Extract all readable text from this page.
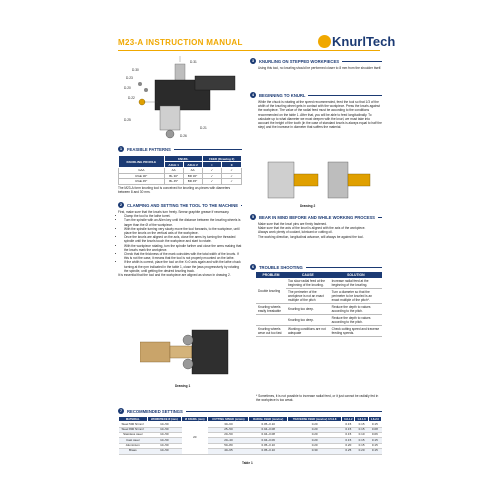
M23-A INSTRUCTION MANUAL	KnurlTech
D.31
D.30
D.23
D.20
D.22
D.25
D.26
D.21
1	FEASIBLE PATTERNS
KNURLING PROFILE	KNURL		FEED (Drawing 2)	
	AXLE 1	AXLE 2	I	II
GAA	AA	AA	✓	✓
RGE 30°	BL 30°	BR 30°	✓	✓
RGE 45°	BL 45°	BR 45°	✓	✓

The M23-A form knurling tool is conceived for knurling on-pieces with diameters between 8 and 30 mm.

2	CLAMPING AND SETTING THE TOOL TO THE MACHINE

First, make sure that the knurls turn freely. Smear graphite grease if necessary.

• Clamp the tool to the lathe turret.
• Turn the spindle with an Allen key until the distance between the knurling wheels is larger than the Ø of the workpiece.
• With the spindle turning very slowly move the tool forwards, to the workpiece, until place the knurls on the vertical axis of the workpiece.
• Once the knurls are aligned on the axis, close the arms by turning the threaded spindle until the knurls touch the workpiece and start to rotate.
• With the workpiece rotating, turn the spindle further and close the arms making that the knurls mark the workpiece.
• Check that the thickness of the mark coincides with the total width of the knurls. If this is not the case, it means that the tool is not properly mounted on the lathe.
• If the width is correct, place the tool on the X=0 axis again and with the lathe chuck turning at the rpm indicated in the table 1, close the jaws progressively by rotating the spindle, until getting the desired knurling track.

It is essential that the tool and the workpiece are aligned as shown in drawing 2.

Drawing 1
3	KNURLING ON STEPPED WORKPIECES

Using this tool, no knurling should be performed closer to 8 mm from the shoulder itself.

4	BEGINNING TO KNURL

While the chuck is rotating at the speed recommended, feed the tool so that 1/3 of the width of the knurling wheel gets in contact with the workpiece. Press the knurls against the workpiece. The value of the radial feed must be according to the conditions recommended on the table 1. After that, you will be able to feed longitudinally. To calculate up to what diameter we must deepen with the knurl, we must take into account the height of the tooth (in the case of standard knurls is always equal to half the step) and the increase in diameter that suffers the material.

Drawing 2
5	BEAR IN MIND BEFORE AND WHILE WORKING PROCESS

Make sure that the knurl pins are firmly fastened.

Make sure that the axis of the knurl is aligned with the axis of the workpiece.

Always work plenty of coolant, lubricant or cutting oil.

The working direction, longitudinal advance, will always be against the tool.

6	TROUBLE SHOOTING
PROBLEM	CAUSE	SOLUTION
Double knurling	Too slow radial feed at the beginning of the knurling.	Increase radial feed at the beginning of the knurling.
	The perimeter of the workpiece is not an exact multiple of the pitch	Turn a diameter so that the perimeter to be knurled is an exact multiple of the pitch*.
Knurling wheels easily breakable	Knurling too deep.	Reduce the depth to values according to the pitch.
	Knurling too deep.	Reduce the depth to values according to the pitch.
Knurling wheels wear out too fast	Working conditions are not adequate	Check cutting speed and traverse feeding speeds.

* Sometimes, it is not possible to increase radial feed, or it just cannot be radially fed in the workpiece is too weak.

7	RECOMMENDED SETTINGS
MATERIAL	WORKPIECE Ø (mm)	Ø KNURL (mm)	CUTTING SPEED (m/min)	RADIAL FEED (mm/rev)	TRAVERSE FEED (mm/rev) 0.5-0.8	0.8-1.2	1.2-1.6	1.6-2.0
Steel 500 N/mm²	10~50	20	30~60	0.05~0.10	0.20	0.15	0.15	0.15
Steel 800 N/mm²	10~50		25~50	0.04~0.08	0.20	0.15	0.15	0.08
Stainless steel	10~50		20~50	0.04~0.08	0.20	0.15	0.10	0.06
Cast steel	10~50		20~40	0.04~0.06	0.20	0.15	0.15	0.15
Aluminium	10~50		50~80	0.05~0.10	0.20	0.20	0.15	0.15
Brass	10~50		40~65	0.05~0.10	0.30	0.25	0.20	0.15
Table 1
